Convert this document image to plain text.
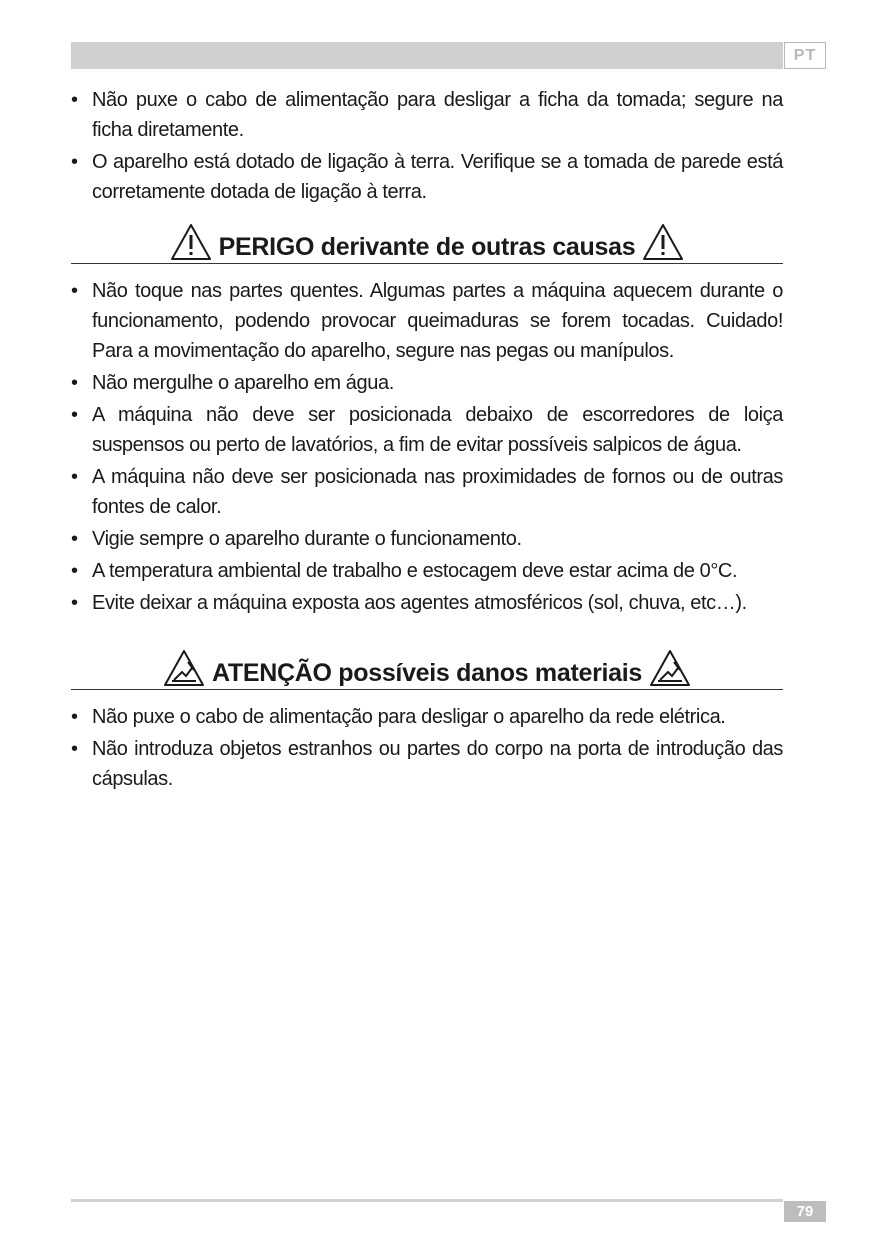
PT
• Não puxe o cabo de alimentação para desligar a ficha da tomada; segure na ficha diretamente.
• O aparelho está dotado de ligação à terra. Verifique se a tomada de parede está corretamente dotada de ligação à terra.
PERIGO derivante de outras causas
• Não toque nas partes quentes. Algumas partes a máquina aquecem durante o funcionamento, podendo provocar queimaduras se forem tocadas. Cuidado! Para a movimentação do aparelho, segure nas pegas ou manípulos.
• Não mergulhe o aparelho em água.
• A máquina não deve ser posicionada debaixo de escorredores de loiça suspensos ou perto de lavatórios, a fim de evitar possíveis salpicos de água.
• A máquina não deve ser posicionada nas proximidades de fornos ou de outras fontes de calor.
• Vigie sempre o aparelho durante o funcionamento.
• A temperatura ambiental de trabalho e estocagem deve estar acima de 0°C.
• Evite deixar a máquina exposta aos agentes atmosféricos (sol, chuva, etc…).
ATENÇÃO possíveis danos materiais
• Não puxe o cabo de alimentação para desligar o aparelho da rede elétrica.
• Não introduza objetos estranhos ou partes do corpo na porta de introdução das cápsulas.
79
